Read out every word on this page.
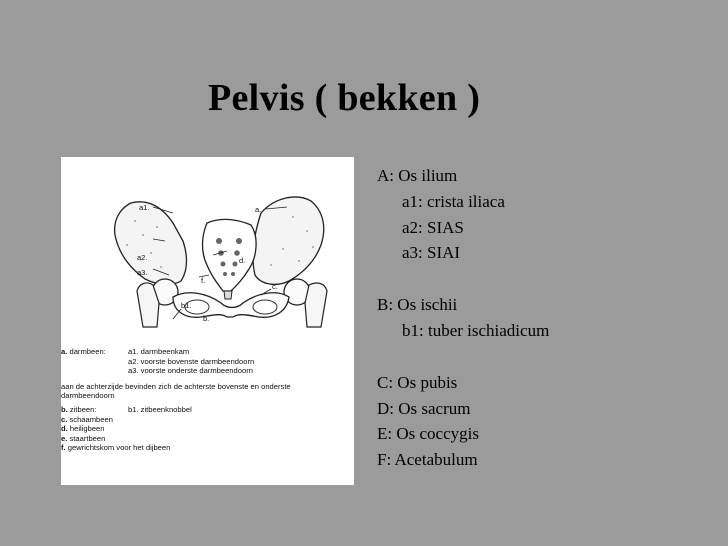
Pelvis ( bekken )
a1.	a.
a2.
a3.
d.
f.
c.
b1.
b.
a. darmbeen:	a1. darmbeenkam
a2. voorste bovenste darmbeendoorn
a3. voorste onderste darmbeendoorn
aan de achterzijde bevinden zich de achterste bovenste en onderste
darmbeendoorn
b. zitbeen:	b1. zitbeenknobbel
c. schaambeen
d. heiligbeen
e. staartbeen
f. gewrichtskom voor het dijbeen
A: Os ilium
a1: crista iliaca
a2: SIAS
a3: SIAI
B: Os ischii
b1: tuber ischiadicum
C: Os pubis
D: Os sacrum
E: Os coccygis
F: Acetabulum
